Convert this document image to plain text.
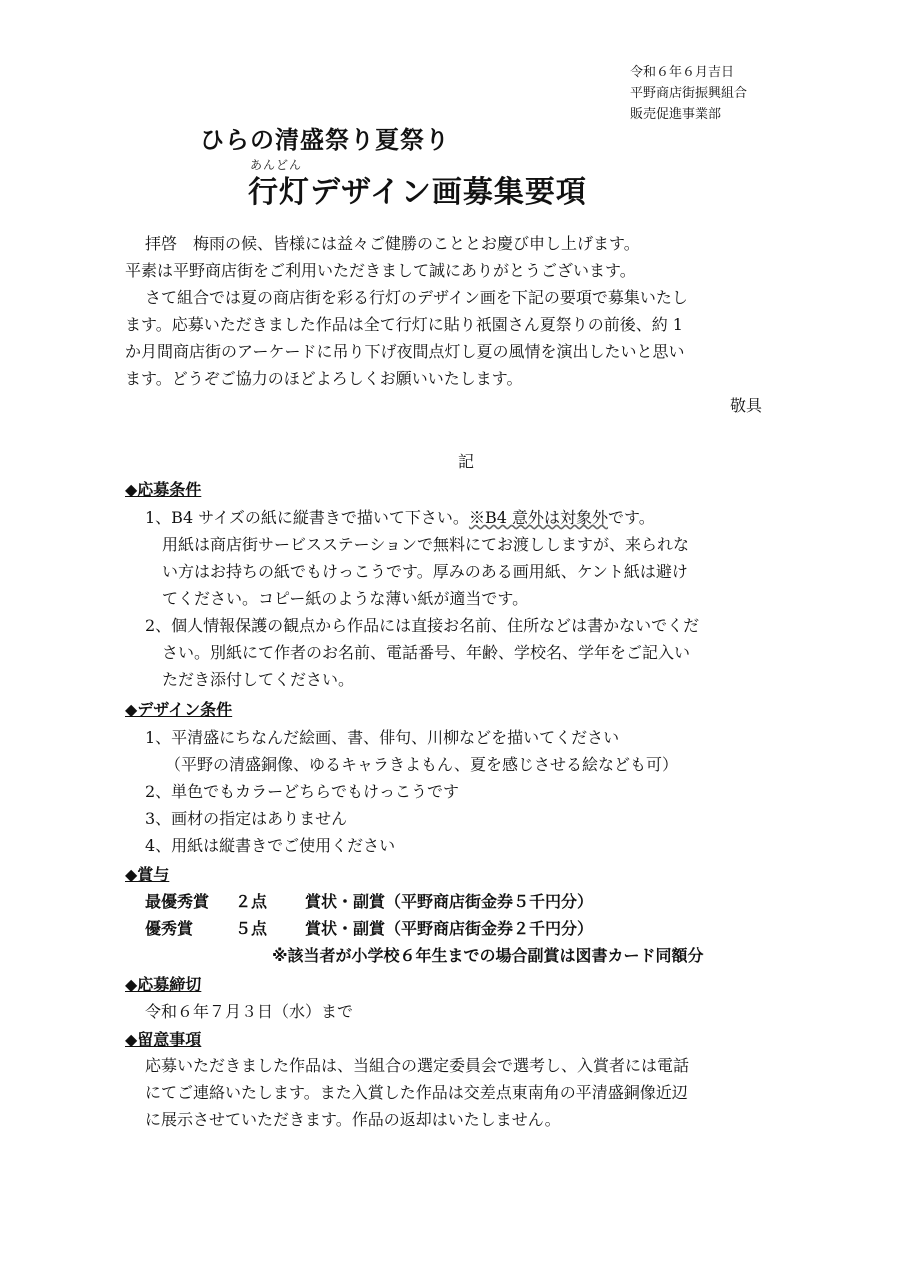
令和６年６月吉日
平野商店街振興組合
販売促進事業部
ひらの清盛祭り夏祭り
あんどん
行灯デザイン画募集要項
拝啓　梅雨の候、皆様には益々ご健勝のこととお慶び申し上げます。
平素は平野商店街をご利用いただきまして誠にありがとうございます。
さて組合では夏の商店街を彩る行灯のデザイン画を下記の要項で募集いたし
ます。応募いただきました作品は全て行灯に貼り祇園さん夏祭りの前後、約 1
か月間商店街のアーケードに吊り下げ夜間点灯し夏の風情を演出したいと思い
ます。どうぞご協力のほどよろしくお願いいたします。
敬具
記
◆応募条件
1、B4 サイズの紙に縦書きで描いて下さい。※B4 意外は対象外です。
用紙は商店街サービスステーションで無料にてお渡ししますが、来られな
い方はお持ちの紙でもけっこうです。厚みのある画用紙、ケント紙は避け
てください。コピー紙のような薄い紙が適当です。
2、個人情報保護の観点から作品には直接お名前、住所などは書かないでくだ
さい。別紙にて作者のお名前、電話番号、年齢、学校名、学年をご記入い
ただき添付してください。
◆デザイン条件
1、平清盛にちなんだ絵画、書、俳句、川柳などを描いてください
（平野の清盛銅像、ゆるキャラきよもん、夏を感じさせる絵なども可）
2、単色でもカラーどちらでもけっこうです
3、画材の指定はありません
4、用紙は縦書きでご使用ください
◆賞与
最優秀賞 ２点 賞状・副賞（平野商店街金券５千円分）
優秀賞	５点 賞状・副賞（平野商店街金券２千円分）
※該当者が小学校６年生までの場合副賞は図書カード同額分
◆応募締切
令和６年７月３日（水）まで
◆留意事項
応募いただきました作品は、当組合の選定委員会で選考し、入賞者には電話
にてご連絡いたします。また入賞した作品は交差点東南角の平清盛銅像近辺
に展示させていただきます。作品の返却はいたしません。
